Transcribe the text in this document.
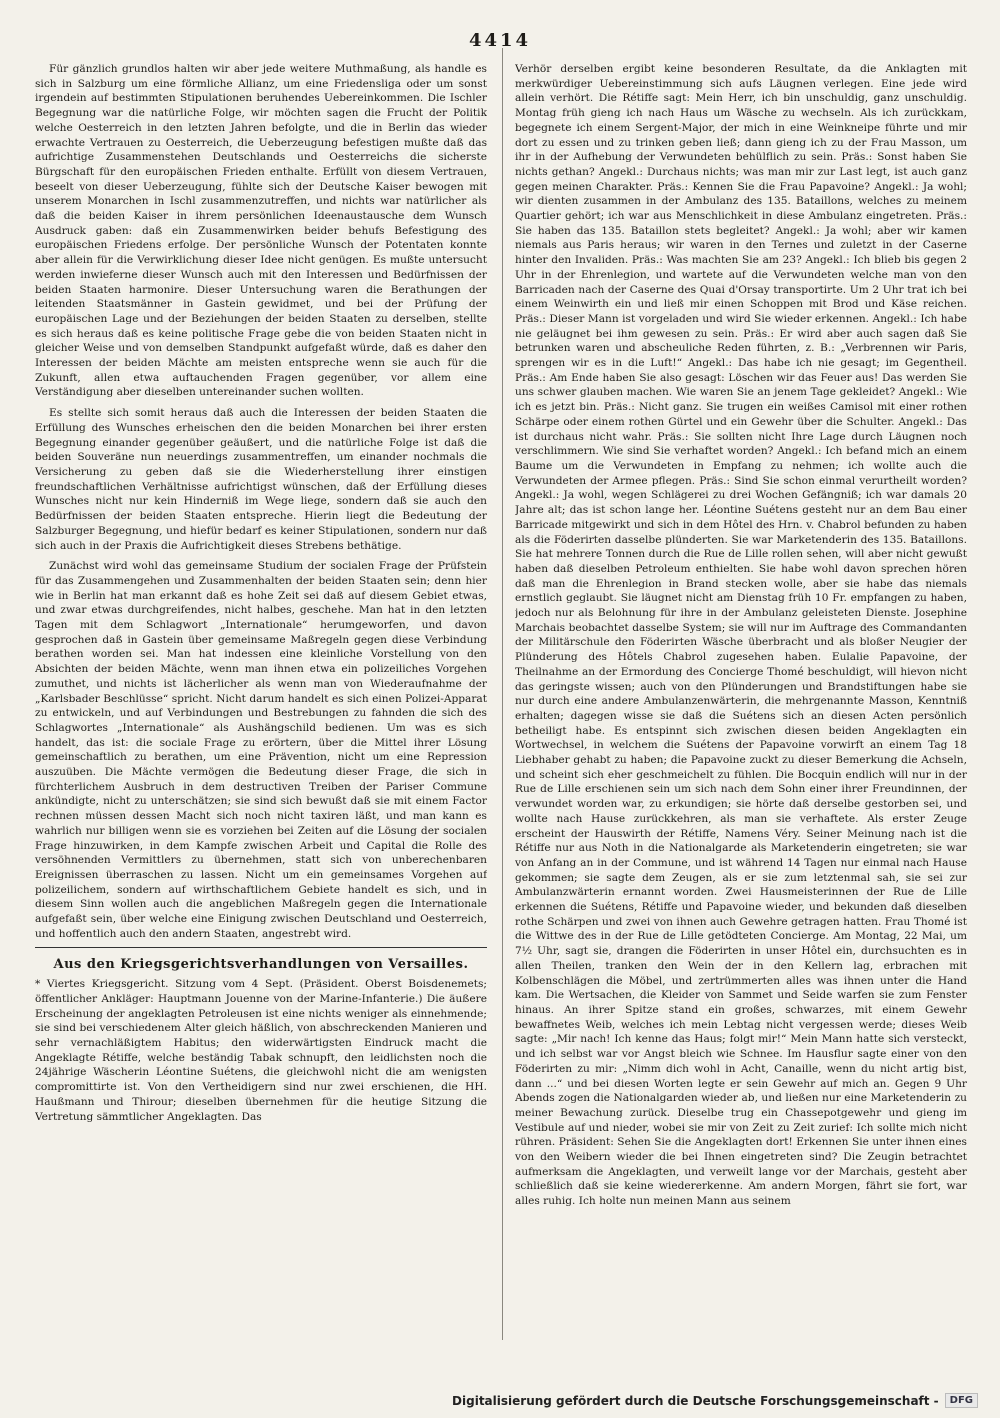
4414

Für gänzlich grundlos halten wir aber jede weitere Muthmaßung, als handle es sich in Salzburg um eine förmliche Allianz, um eine Friedensliga oder um sonst irgendein auf bestimmten Stipulationen beruhendes Uebereinkommen. Die Ischler Begegnung war die natürliche Folge, wir möchten sagen die Frucht der Politik welche Oesterreich in den letzten Jahren befolgte, und die in Berlin das wieder erwachte Vertrauen zu Oesterreich, die Ueberzeugung befestigen mußte daß das aufrichtige Zusammenstehen Deutschlands und Oesterreichs die sicherste Bürgschaft für den europäischen Frieden enthalte. Erfüllt von diesem Vertrauen, beseelt von dieser Ueberzeugung, fühlte sich der Deutsche Kaiser bewogen mit unserem Monarchen in Ischl zusammenzutreffen, und nichts war natürlicher als daß die beiden Kaiser in ihrem persönlichen Ideenaustausche dem Wunsch Ausdruck gaben: daß ein Zusammenwirken beider behufs Befestigung des europäischen Friedens erfolge. Der persönliche Wunsch der Potentaten konnte aber allein für die Verwirklichung dieser Idee nicht genügen. Es mußte untersucht werden inwieferne dieser Wunsch auch mit den Interessen und Bedürfnissen der beiden Staaten harmonire. Dieser Untersuchung waren die Berathungen der leitenden Staatsmänner in Gastein gewidmet, und bei der Prüfung der europäischen Lage und der Beziehungen der beiden Staaten zu derselben, stellte es sich heraus daß es keine politische Frage gebe die von beiden Staaten nicht in gleicher Weise und von demselben Standpunkt aufgefaßt würde, daß es daher den Interessen der beiden Mächte am meisten entspreche wenn sie auch für die Zukunft, allen etwa auftauchenden Fragen gegenüber, vor allem eine Verständigung aber dieselben untereinander suchen wollten.

Es stellte sich somit heraus daß auch die Interessen der beiden Staaten die Erfüllung des Wunsches erheischen den die beiden Monarchen bei ihrer ersten Begegnung einander gegenüber geäußert, und die natürliche Folge ist daß die beiden Souveräne nun neuerdings zusammentreffen, um einander nochmals die Versicherung zu geben daß sie die Wiederherstellung ihrer einstigen freundschaftlichen Verhältnisse aufrichtigst wünschen, daß der Erfüllung dieses Wunsches nicht nur kein Hinderniß im Wege liege, sondern daß sie auch den Bedürfnissen der beiden Staaten entspreche. Hierin liegt die Bedeutung der Salzburger Begegnung, und hiefür bedarf es keiner Stipulationen, sondern nur daß sich auch in der Praxis die Aufrichtigkeit dieses Strebens bethätige.

Zunächst wird wohl das gemeinsame Studium der socialen Frage der Prüfstein für das Zusammengehen und Zusammenhalten der beiden Staaten sein; denn hier wie in Berlin hat man erkannt daß es hohe Zeit sei daß auf diesem Gebiet etwas, und zwar etwas durchgreifendes, nicht halbes, geschehe. Man hat in den letzten Tagen mit dem Schlagwort „Internationale“ herumgeworfen, und davon gesprochen daß in Gastein über gemeinsame Maßregeln gegen diese Verbindung berathen worden sei. Man hat indessen eine kleinliche Vorstellung von den Absichten der beiden Mächte, wenn man ihnen etwa ein polizeiliches Vorgehen zumuthet, und nichts ist lächerlicher als wenn man von Wiederaufnahme der „Karlsbader Beschlüsse“ spricht. Nicht darum handelt es sich einen Polizei-Apparat zu entwickeln, und auf Verbindungen und Bestrebungen zu fahnden die sich des Schlagwortes „Internationale“ als Aushängschild bedienen. Um was es sich handelt, das ist: die sociale Frage zu erörtern, über die Mittel ihrer Lösung gemeinschaftlich zu berathen, um eine Prävention, nicht um eine Repression auszuüben. Die Mächte vermögen die Bedeutung dieser Frage, die sich in fürchterlichem Ausbruch in dem destructiven Treiben der Pariser Commune ankündigte, nicht zu unterschätzen; sie sind sich bewußt daß sie mit einem Factor rechnen müssen dessen Macht sich noch nicht taxiren läßt, und man kann es wahrlich nur billigen wenn sie es vorziehen bei Zeiten auf die Lösung der socialen Frage hinzuwirken, in dem Kampfe zwischen Arbeit und Capital die Rolle des versöhnenden Vermittlers zu übernehmen, statt sich von unberechenbaren Ereignissen überraschen zu lassen. Nicht um ein gemeinsames Vorgehen auf polizeilichem, sondern auf wirthschaftlichem Gebiete handelt es sich, und in diesem Sinn wollen auch die angeblichen Maßregeln gegen die Internationale aufgefaßt sein, über welche eine Einigung zwischen Deutschland und Oesterreich, und hoffentlich auch den andern Staaten, angestrebt wird.

Aus den Kriegsgerichtsverhandlungen von Versailles.

* Viertes Kriegsgericht. Sitzung vom 4 Sept. (Präsident. Oberst Boisdenemets; öffentlicher Ankläger: Hauptmann Jouenne von der Marine-Infanterie.) Die äußere Erscheinung der angeklagten Petroleusen ist eine nichts weniger als einnehmende; sie sind bei verschiedenem Alter gleich häßlich, von abschreckenden Manieren und sehr vernachläßigtem Habitus; den widerwärtigsten Eindruck macht die Angeklagte Rétiffe, welche beständig Tabak schnupft, den leidlichsten noch die 24jährige Wäscherin Léontine Suétens, die gleichwohl nicht die am wenigsten compromittirte ist. Von den Vertheidigern sind nur zwei erschienen, die HH. Haußmann und Thirour; dieselben übernehmen für die heutige Sitzung die Vertretung sämmtlicher Angeklagten. Das

Verhör derselben ergibt keine besonderen Resultate, da die Anklagten mit merkwürdiger Uebereinstimmung sich aufs Läugnen verlegen. Eine jede wird allein verhört. Die Rétiffe sagt: Mein Herr, ich bin unschuldig, ganz unschuldig. Montag früh gieng ich nach Haus um Wäsche zu wechseln. Als ich zurückkam, begegnete ich einem Sergent-Major, der mich in eine Weinkneipe führte und mir dort zu essen und zu trinken geben ließ; dann gieng ich zu der Frau Masson, um ihr in der Aufhebung der Verwundeten behülflich zu sein. Präs.: Sonst haben Sie nichts gethan? Angekl.: Durchaus nichts; was man mir zur Last legt, ist auch ganz gegen meinen Charakter. Präs.: Kennen Sie die Frau Papavoine? Angekl.: Ja wohl; wir dienten zusammen in der Ambulanz des 135. Bataillons, welches zu meinem Quartier gehört; ich war aus Menschlichkeit in diese Ambulanz eingetreten. Präs.: Sie haben das 135. Bataillon stets begleitet? Angekl.: Ja wohl; aber wir kamen niemals aus Paris heraus; wir waren in den Ternes und zuletzt in der Caserne hinter den Invaliden. Präs.: Was machten Sie am 23? Angekl.: Ich blieb bis gegen 2 Uhr in der Ehrenlegion, und wartete auf die Verwundeten welche man von den Barricaden nach der Caserne des Quai d'Orsay transportirte. Um 2 Uhr trat ich bei einem Weinwirth ein und ließ mir einen Schoppen mit Brod und Käse reichen. Präs.: Dieser Mann ist vorgeladen und wird Sie wieder erkennen. Angekl.: Ich habe nie geläugnet bei ihm gewesen zu sein. Präs.: Er wird aber auch sagen daß Sie betrunken waren und abscheuliche Reden führten, z. B.: „Verbrennen wir Paris, sprengen wir es in die Luft!“ Angekl.: Das habe ich nie gesagt; im Gegentheil. Präs.: Am Ende haben Sie also gesagt: Löschen wir das Feuer aus! Das werden Sie uns schwer glauben machen. Wie waren Sie an jenem Tage gekleidet? Angekl.: Wie ich es jetzt bin. Präs.: Nicht ganz. Sie trugen ein weißes Camisol mit einer rothen Schärpe oder einem rothen Gürtel und ein Gewehr über die Schulter. Angekl.: Das ist durchaus nicht wahr. Präs.: Sie sollten nicht Ihre Lage durch Läugnen noch verschlimmern. Wie sind Sie verhaftet worden? Angekl.: Ich befand mich an einem Baume um die Verwundeten in Empfang zu nehmen; ich wollte auch die Verwundeten der Armee pflegen. Präs.: Sind Sie schon einmal verurtheilt worden? Angekl.: Ja wohl, wegen Schlägerei zu drei Wochen Gefängniß; ich war damals 20 Jahre alt; das ist schon lange her. Léontine Suétens gesteht nur an dem Bau einer Barricade mitgewirkt und sich in dem Hôtel des Hrn. v. Chabrol befunden zu haben als die Föderirten dasselbe plünderten. Sie war Marketenderin des 135. Bataillons. Sie hat mehrere Tonnen durch die Rue de Lille rollen sehen, will aber nicht gewußt haben daß dieselben Petroleum enthielten. Sie habe wohl davon sprechen hören daß man die Ehrenlegion in Brand stecken wolle, aber sie habe das niemals ernstlich geglaubt. Sie läugnet nicht am Dienstag früh 10 Fr. empfangen zu haben, jedoch nur als Belohnung für ihre in der Ambulanz geleisteten Dienste. Josephine Marchais beobachtet dasselbe System; sie will nur im Auftrage des Commandanten der Militärschule den Föderirten Wäsche überbracht und als bloßer Neugier der Plünderung des Hôtels Chabrol zugesehen haben. Eulalie Papavoine, der Theilnahme an der Ermordung des Concierge Thomé beschuldigt, will hievon nicht das geringste wissen; auch von den Plünderungen und Brandstiftungen habe sie nur durch eine andere Ambulanzenwärterin, die mehrgenannte Masson, Kenntniß erhalten; dagegen wisse sie daß die Suétens sich an diesen Acten persönlich betheiligt habe. Es entspinnt sich zwischen diesen beiden Angeklagten ein Wortwechsel, in welchem die Suétens der Papavoine vorwirft an einem Tag 18 Liebhaber gehabt zu haben; die Papavoine zuckt zu dieser Bemerkung die Achseln, und scheint sich eher geschmeichelt zu fühlen. Die Bocquin endlich will nur in der Rue de Lille erschienen sein um sich nach dem Sohn einer ihrer Freundinnen, der verwundet worden war, zu erkundigen; sie hörte daß derselbe gestorben sei, und wollte nach Hause zurückkehren, als man sie verhaftete. Als erster Zeuge erscheint der Hauswirth der Rétiffe, Namens Véry. Seiner Meinung nach ist die Rétiffe nur aus Noth in die Nationalgarde als Marketenderin eingetreten; sie war von Anfang an in der Commune, und ist während 14 Tagen nur einmal nach Hause gekommen; sie sagte dem Zeugen, als er sie zum letztenmal sah, sie sei zur Ambulanzwärterin ernannt worden. Zwei Hausmeisterinnen der Rue de Lille erkennen die Suétens, Rétiffe und Papavoine wieder, und bekunden daß dieselben rothe Schärpen und zwei von ihnen auch Gewehre getragen hatten. Frau Thomé ist die Wittwe des in der Rue de Lille getödteten Concierge. Am Montag, 22 Mai, um 7½ Uhr, sagt sie, drangen die Föderirten in unser Hôtel ein, durchsuchten es in allen Theilen, tranken den Wein der in den Kellern lag, erbrachen mit Kolbenschlägen die Möbel, und zertrümmerten alles was ihnen unter die Hand kam. Die Wertsachen, die Kleider von Sammet und Seide warfen sie zum Fenster hinaus. An ihrer Spitze stand ein großes, schwarzes, mit einem Gewehr bewaffnetes Weib, welches ich mein Lebtag nicht vergessen werde; dieses Weib sagte: „Mir nach! Ich kenne das Haus; folgt mir!“ Mein Mann hatte sich versteckt, und ich selbst war vor Angst bleich wie Schnee. Im Hausflur sagte einer von den Föderirten zu mir: „Nimm dich wohl in Acht, Canaille, wenn du nicht artig bist, dann ...“ und bei diesen Worten legte er sein Gewehr auf mich an. Gegen 9 Uhr Abends zogen die Nationalgarden wieder ab, und ließen nur eine Marketenderin zu meiner Bewachung zurück. Dieselbe trug ein Chassepotgewehr und gieng im Vestibule auf und nieder, wobei sie mir von Zeit zu Zeit zurief: Ich sollte mich nicht rühren. Präsident: Sehen Sie die Angeklagten dort! Erkennen Sie unter ihnen eines von den Weibern wieder die bei Ihnen eingetreten sind? Die Zeugin betrachtet aufmerksam die Angeklagten, und verweilt lange vor der Marchais, gesteht aber schließlich daß sie keine wiedererkenne. Am andern Morgen, fährt sie fort, war alles ruhig. Ich holte nun meinen Mann aus seinem

Digitalisierung gefördert durch die Deutsche Forschungsgemeinschaft -	DFG
